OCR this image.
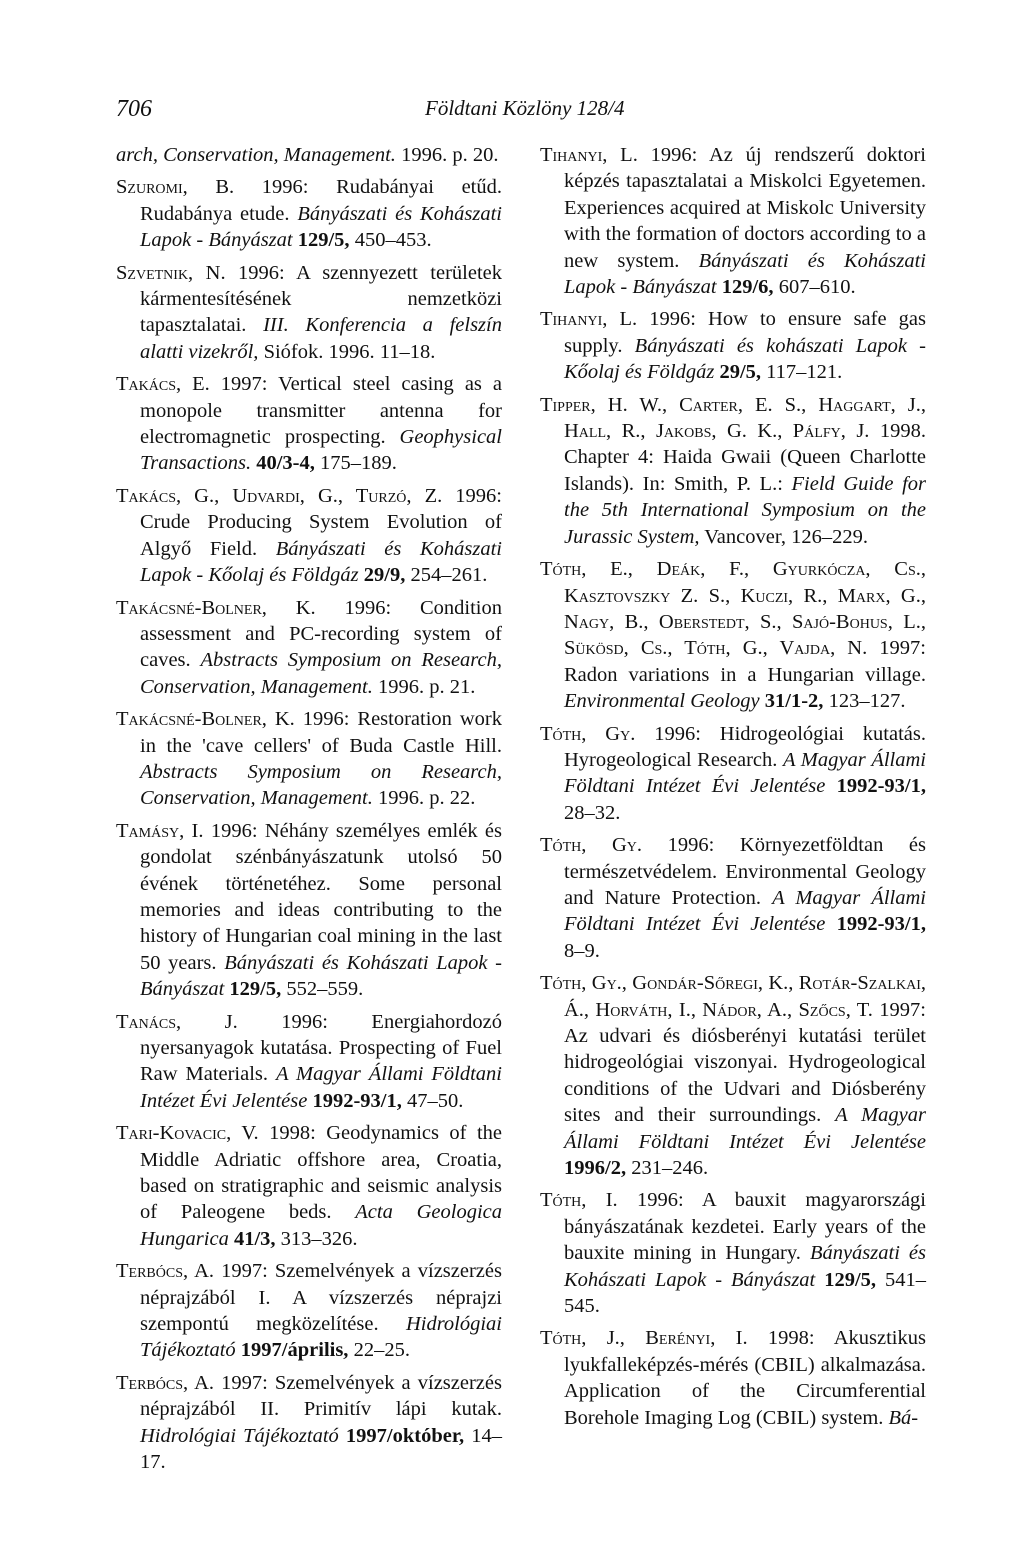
706	Földtani Közlöny 128/4

arch, Conservation, Management. 1996. p. 20.

Szuromi, B. 1996: Rudabányai etűd. Rudabánya etude. Bányászati és Kohászati Lapok - Bányászat 129/5, 450–453.

Szvetnik, N. 1996: A szennyezett területek kármentesítésének nemzetközi tapasztalatai. III. Konferencia a felszín alatti vizekről, Siófok. 1996. 11–18.

Takács, E. 1997: Vertical steel casing as a monopole transmitter antenna for electromagnetic prospecting. Geophysical Transactions. 40/3-4, 175–189.

Takács, G., Udvardi, G., Turzó, Z. 1996: Crude Producing System Evolution of Algyő Field. Bányászati és Kohászati Lapok - Kőolaj és Földgáz 29/9, 254–261.

Takácsné-Bolner, K. 1996: Condition assessment and PC-recording system of caves. Abstracts Symposium on Research, Conservation, Management. 1996. p. 21.

Takácsné-Bolner, K. 1996: Restoration work in the 'cave cellers' of Buda Castle Hill. Abstracts Symposium on Research, Conservation, Management. 1996. p. 22.

Tamásy, I. 1996: Néhány személyes emlék és gondolat szénbányászatunk utolsó 50 évének történetéhez. Some personal memories and ideas contributing to the history of Hungarian coal mining in the last 50 years. Bányászati és Kohászati Lapok - Bányászat 129/5, 552–559.

Tanács, J. 1996: Energiahordozó nyersanyagok kutatása. Prospecting of Fuel Raw Materials. A Magyar Állami Földtani Intézet Évi Jelentése 1992-93/1, 47–50.

Tari-Kovacic, V. 1998: Geodynamics of the Middle Adriatic offshore area, Croatia, based on stratigraphic and seismic analysis of Paleogene beds. Acta Geologica Hungarica 41/3, 313–326.

Terbócs, A. 1997: Szemelvények a vízszerzés néprajzából I. A vízszerzés néprajzi szempontú megközelítése. Hidrológiai Tájékoztató 1997/április, 22–25.

Terbócs, A. 1997: Szemelvények a vízszerzés néprajzából II. Primitív lápi kutak. Hidrológiai Tájékoztató 1997/október, 14–17.

Tihanyi, L. 1996: Az új rendszerű doktori képzés tapasztalatai a Miskolci Egyetemen. Experiences acquired at Miskolc University with the formation of doctors according to a new system. Bányászati és Kohászati Lapok - Bányászat 129/6, 607–610.

Tihanyi, L. 1996: How to ensure safe gas supply. Bányászati és kohászati Lapok - Kőolaj és Földgáz 29/5, 117–121.

Tipper, H. W., Carter, E. S., Haggart, J., Hall, R., Jakobs, G. K., Pálfy, J. 1998. Chapter 4: Haida Gwaii (Queen Charlotte Islands). In: Smith, P. L.: Field Guide for the 5th International Symposium on the Jurassic System, Vancover, 126–229.

Tóth, E., Deák, F., Gyurkócza, Cs., Kasztovszky Z. S., Kuczi, R., Marx, G., Nagy, B., Oberstedt, S., Sajó-Bohus, L., Sükösd, Cs., Tóth, G., Vajda, N. 1997: Radon variations in a Hungarian village. Environmental Geology 31/1-2, 123–127.

Tóth, Gy. 1996: Hidrogeológiai kutatás. Hyrogeological Research. A Magyar Állami Földtani Intézet Évi Jelentése 1992-93/1, 28–32.

Tóth, Gy. 1996: Környezetföldtan és természetvédelem. Environmental Geology and Nature Protection. A Magyar Állami Földtani Intézet Évi Jelentése 1992-93/1, 8–9.

Tóth, Gy., Gondár-Sőregi, K., Rotár-Szalkai, Á., Horváth, I., Nádor, A., Szőcs, T. 1997: Az udvari és diósberényi kutatási terület hidrogeológiai viszonyai. Hydrogeological conditions of the Udvari and Diósberény sites and their surroundings. A Magyar Állami Földtani Intézet Évi Jelentése 1996/2, 231–246.

Tóth, I. 1996: A bauxit magyarországi bányászatának kezdetei. Early years of the bauxite mining in Hungary. Bányászati és Kohászati Lapok - Bányászat 129/5, 541–545.

Tóth, J., Berényi, I. 1998: Akusztikus lyukfalleképzés-mérés (CBIL) alkalmazása. Application of the Circumferential Borehole Imaging Log (CBIL) system. Bá-
